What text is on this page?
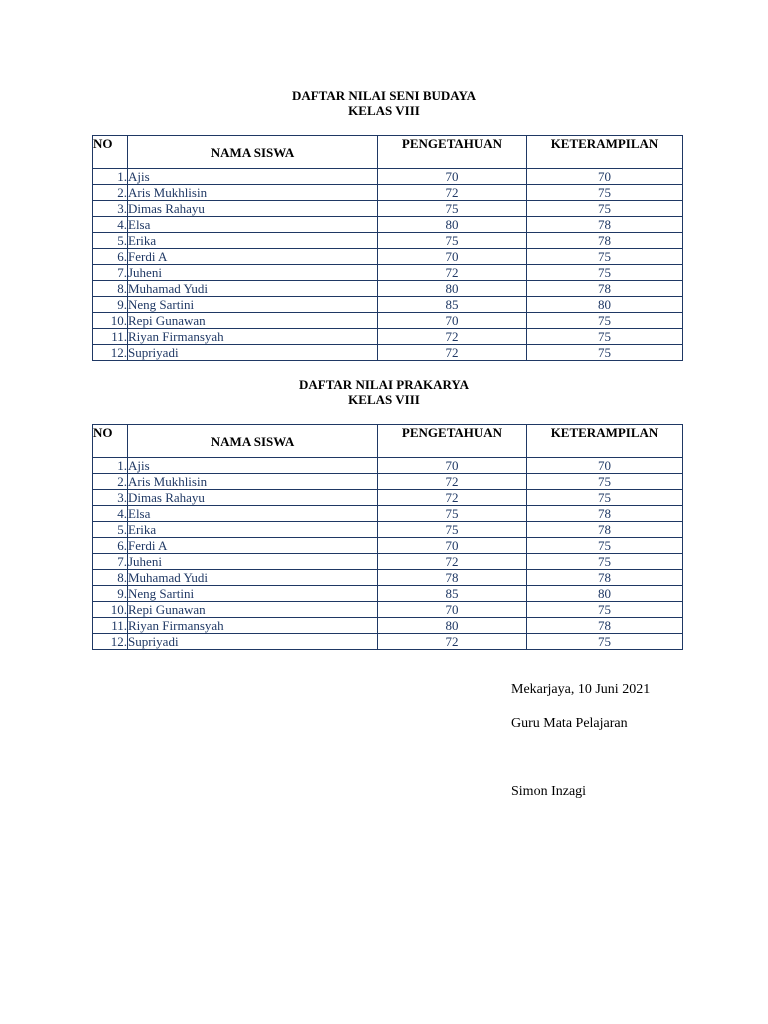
DAFTAR NILAI SENI BUDAYA
KELAS VIII
NO	NAMA SISWA	PENGETAHUAN	KETERAMPILAN
1.	Ajis	70	70
2.	Aris Mukhlisin	72	75
3.	Dimas Rahayu	75	75
4.	Elsa	80	78
5.	Erika	75	78
6.	Ferdi A	70	75
7.	Juheni	72	75
8.	Muhamad Yudi	80	78
9.	Neng Sartini	85	80
10.	Repi Gunawan	70	75
11.	Riyan Firmansyah	72	75
12.	Supriyadi	72	75
DAFTAR NILAI PRAKARYA
KELAS VIII
NO	NAMA SISWA	PENGETAHUAN	KETERAMPILAN
1.	Ajis	70	70
2.	Aris Mukhlisin	72	75
3.	Dimas Rahayu	72	75
4.	Elsa	75	78
5.	Erika	75	78
6.	Ferdi A	70	75
7.	Juheni	72	75
8.	Muhamad Yudi	78	78
9.	Neng Sartini	85	80
10.	Repi Gunawan	70	75
11.	Riyan Firmansyah	80	78
12.	Supriyadi	72	75
Mekarjaya, 10 Juni 2021
Guru Mata Pelajaran
Simon Inzagi
